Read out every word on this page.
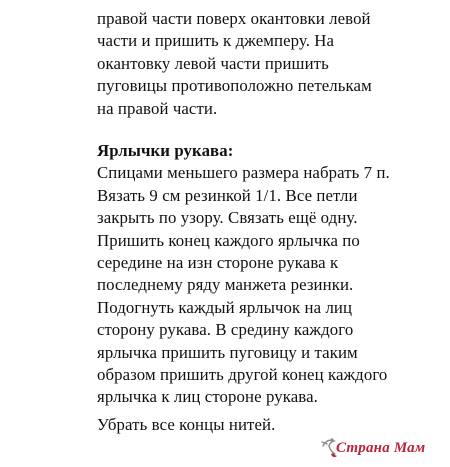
правой части поверх окантовки левой
части и пришить к джемперу. На
окантовку левой части пришить
пуговицы противоположно петелькам
на правой части.
Ярлычки рукава:
Спицами меньшего размера набрать 7 п.
Вязать 9 см резинкой 1/1. Все петли
закрыть по узору. Связать ещё одну.
Пришить конец каждого ярлычка по
середине на изн стороне рукава к
последнему ряду манжета резинки.
Подогнуть каждый ярлычок на лиц
сторону рукава. В средину каждого
ярлычка пришить пуговицу и таким
образом пришить другой конец каждого
ярлычка к лиц стороне рукава.
Убрать все концы нитей.
Страна Мам
